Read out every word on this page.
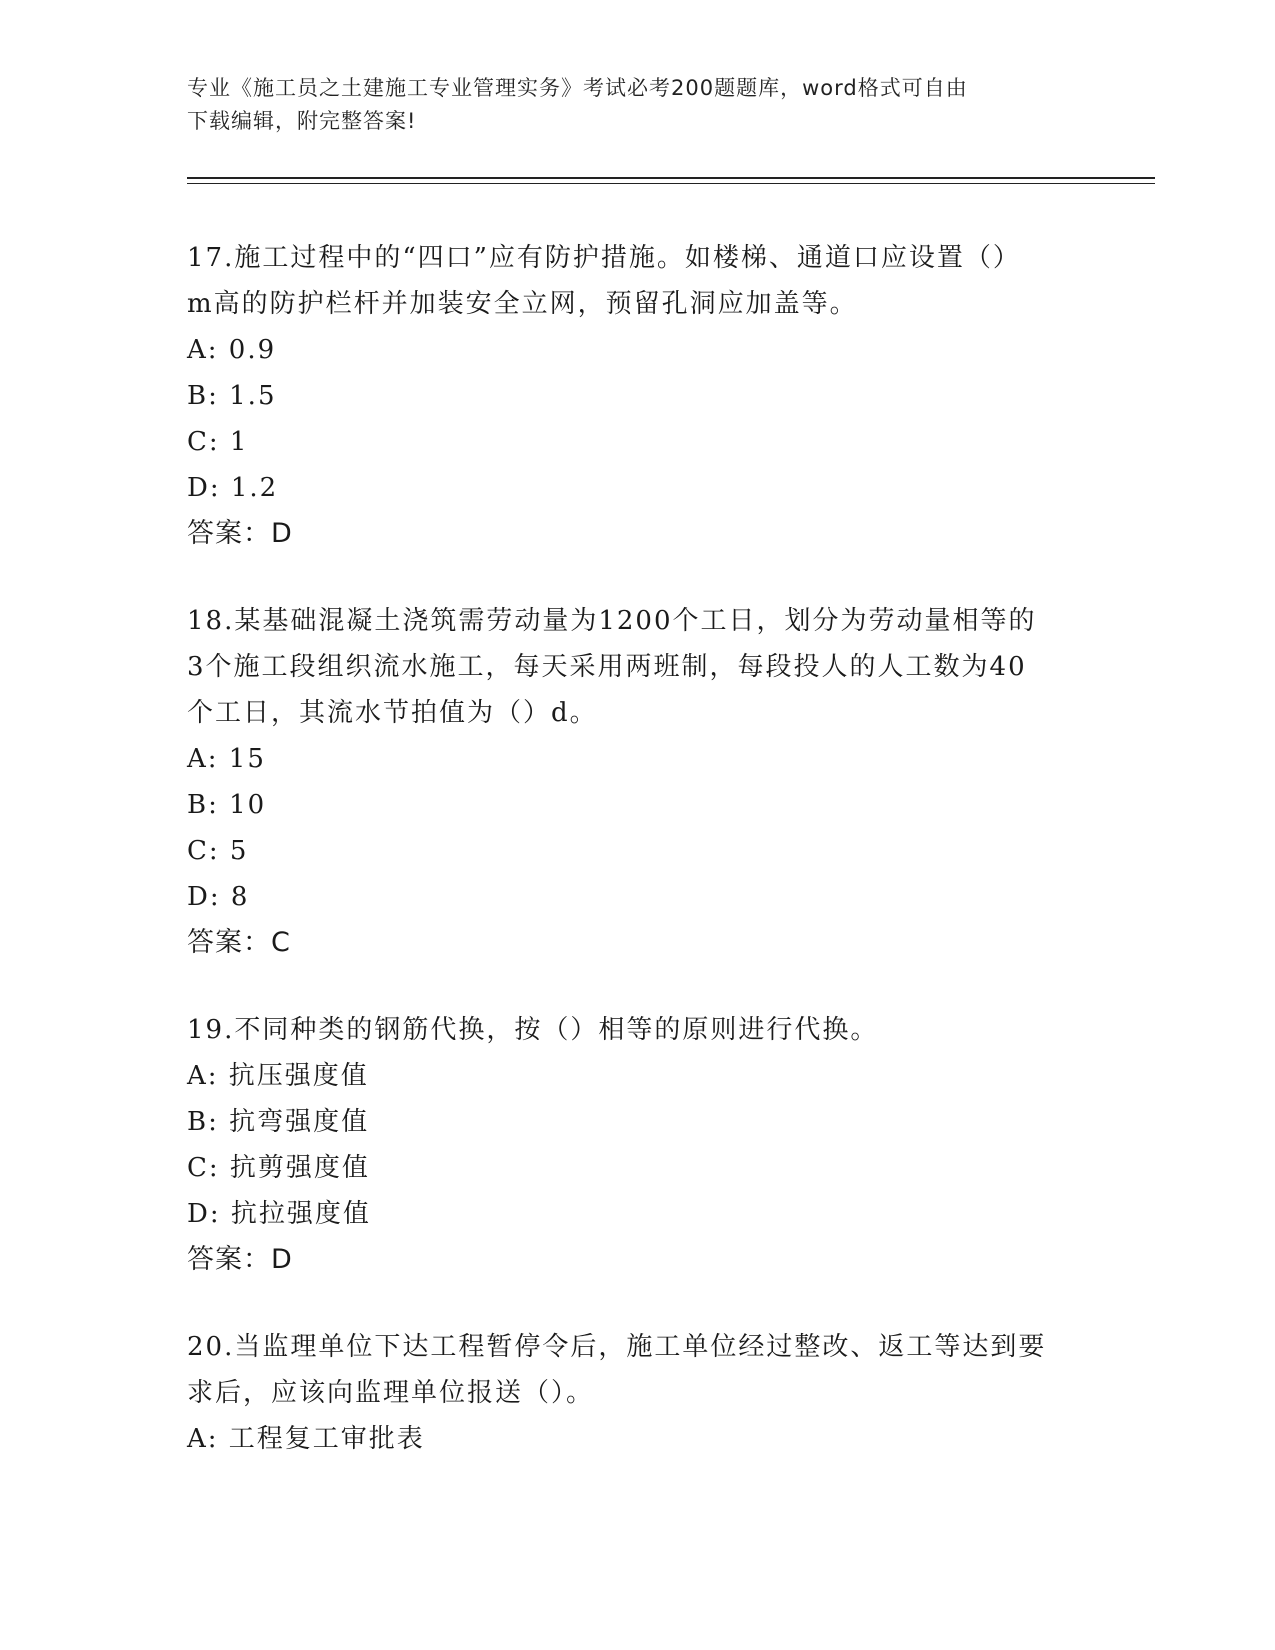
专业《施工员之土建施工专业管理实务》考试必考200题题库，word格式可自由
下载编辑，附完整答案!

17.施工过程中的“四口”应有防护措施。如楼梯、通道口应设置（）

m高的防护栏杆并加装安全立网，预留孔洞应加盖等。

A: 0.9

B: 1.5

C: 1

D: 1.2

答案：D

18.某基础混凝土浇筑需劳动量为1200个工日，划分为劳动量相等的

3个施工段组织流水施工，每天采用两班制，每段投人的人工数为40

个工日，其流水节拍值为（）d。

A: 15

B: 10

C: 5

D: 8

答案：C

19.不同种类的钢筋代换，按（）相等的原则进行代换。

A: 抗压强度值

B: 抗弯强度值

C: 抗剪强度值

D: 抗拉强度值

答案：D

20.当监理单位下达工程暂停令后，施工单位经过整改、返工等达到要

求后，应该向监理单位报送（）。

A: 工程复工审批表
